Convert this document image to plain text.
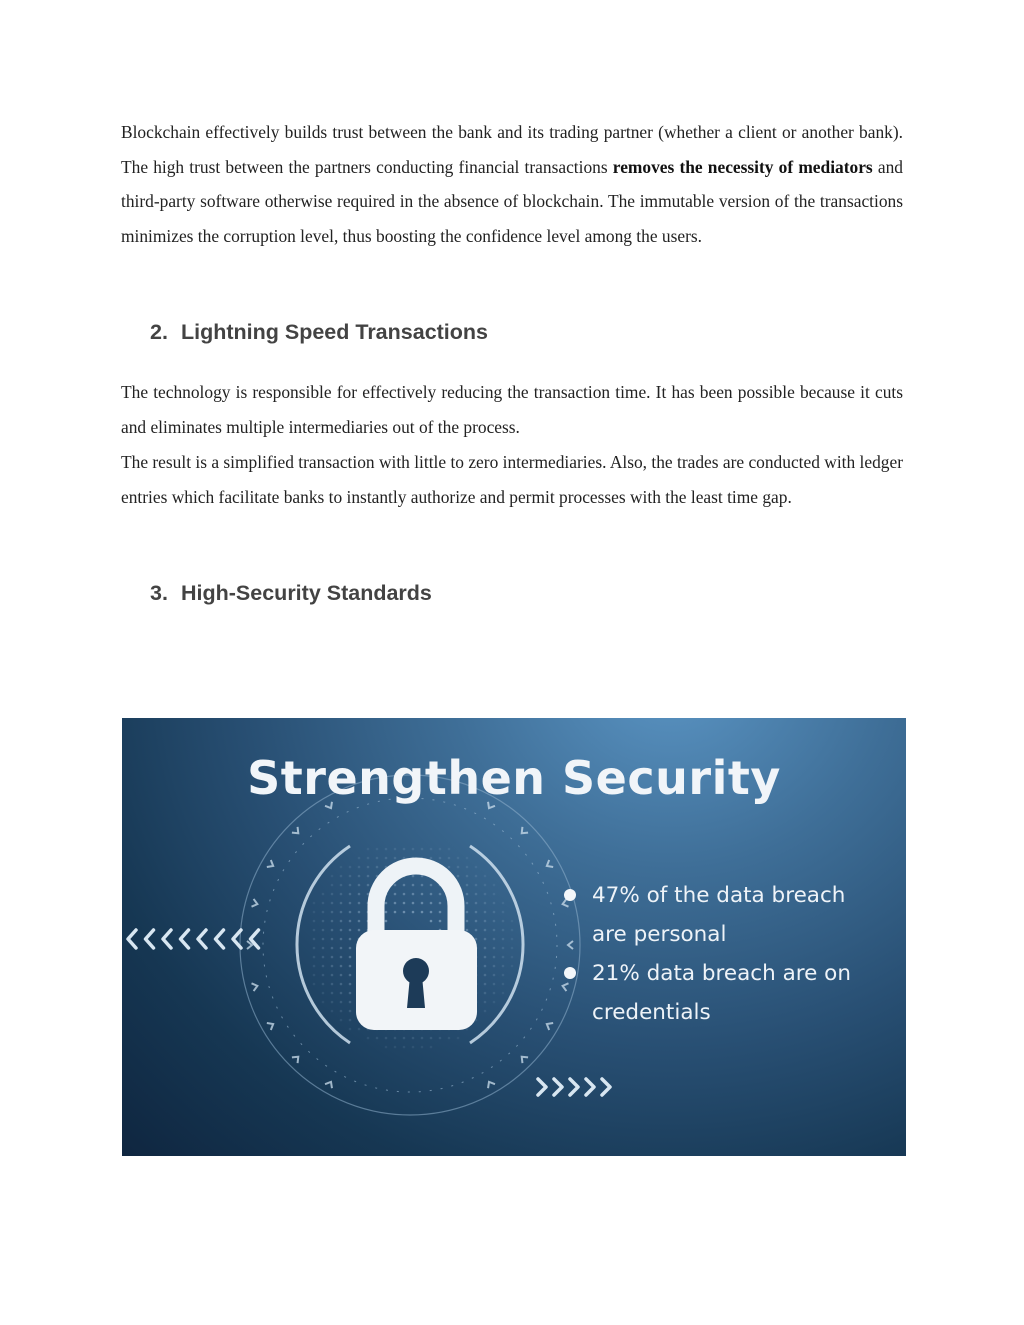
Blockchain effectively builds trust between the bank and its trading partner (whether a client or another bank). The high trust between the partners conducting financial transactions removes the necessity of mediators and third-party software otherwise required in the absence of blockchain. The immutable version of the transactions minimizes the corruption level, thus boosting the confidence level among the users.

2. Lightning Speed Transactions

The technology is responsible for effectively reducing the transaction time. It has been possible because it cuts and eliminates multiple intermediaries out of the process.

The result is a simplified transaction with little to zero intermediaries. Also, the trades are conducted with ledger entries which facilitate banks to instantly authorize and permit processes with the least time gap.

3. High-Security Standards
Strengthen Security
47% of the data breach
are personal
21% data breach are on
credentials
